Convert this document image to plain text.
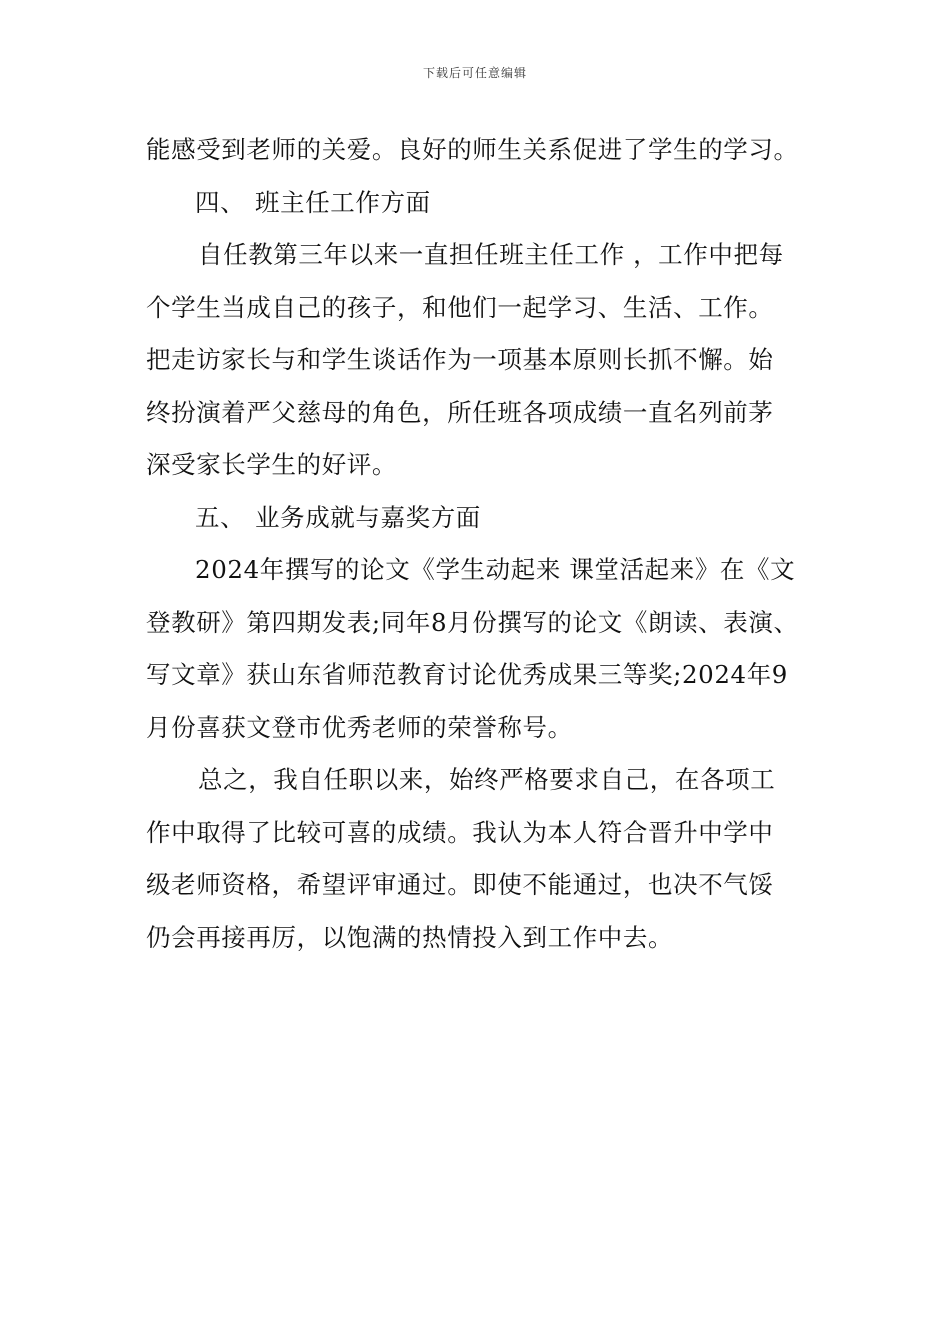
下载后可任意编辑
能感受到老师的关爱。良好的师生关系促进了学生的学习。
四、 班主任工作方面
自任教第三年以来一直担任班主任工作 ，工作中把每
个学生当成自己的孩子，和他们一起学习、生活、工作。
把走访家长与和学生谈话作为一项基本原则长抓不懈。始
终扮演着严父慈母的角色，所任班各项成绩一直名列前茅
深受家长学生的好评。
五、 业务成就与嘉奖方面
2024年撰写的论文《学生动起来 课堂活起来》在《文
登教研》第四期发表;同年8月份撰写的论文《朗读、表演、
写文章》获山东省师范教育讨论优秀成果三等奖;2024年9
月份喜获文登市优秀老师的荣誉称号。
总之，我自任职以来，始终严格要求自己，在各项工
作中取得了比较可喜的成绩。我认为本人符合晋升中学中
级老师资格，希望评审通过。即使不能通过，也决不气馁
仍会再接再厉，以饱满的热情投入到工作中去。
